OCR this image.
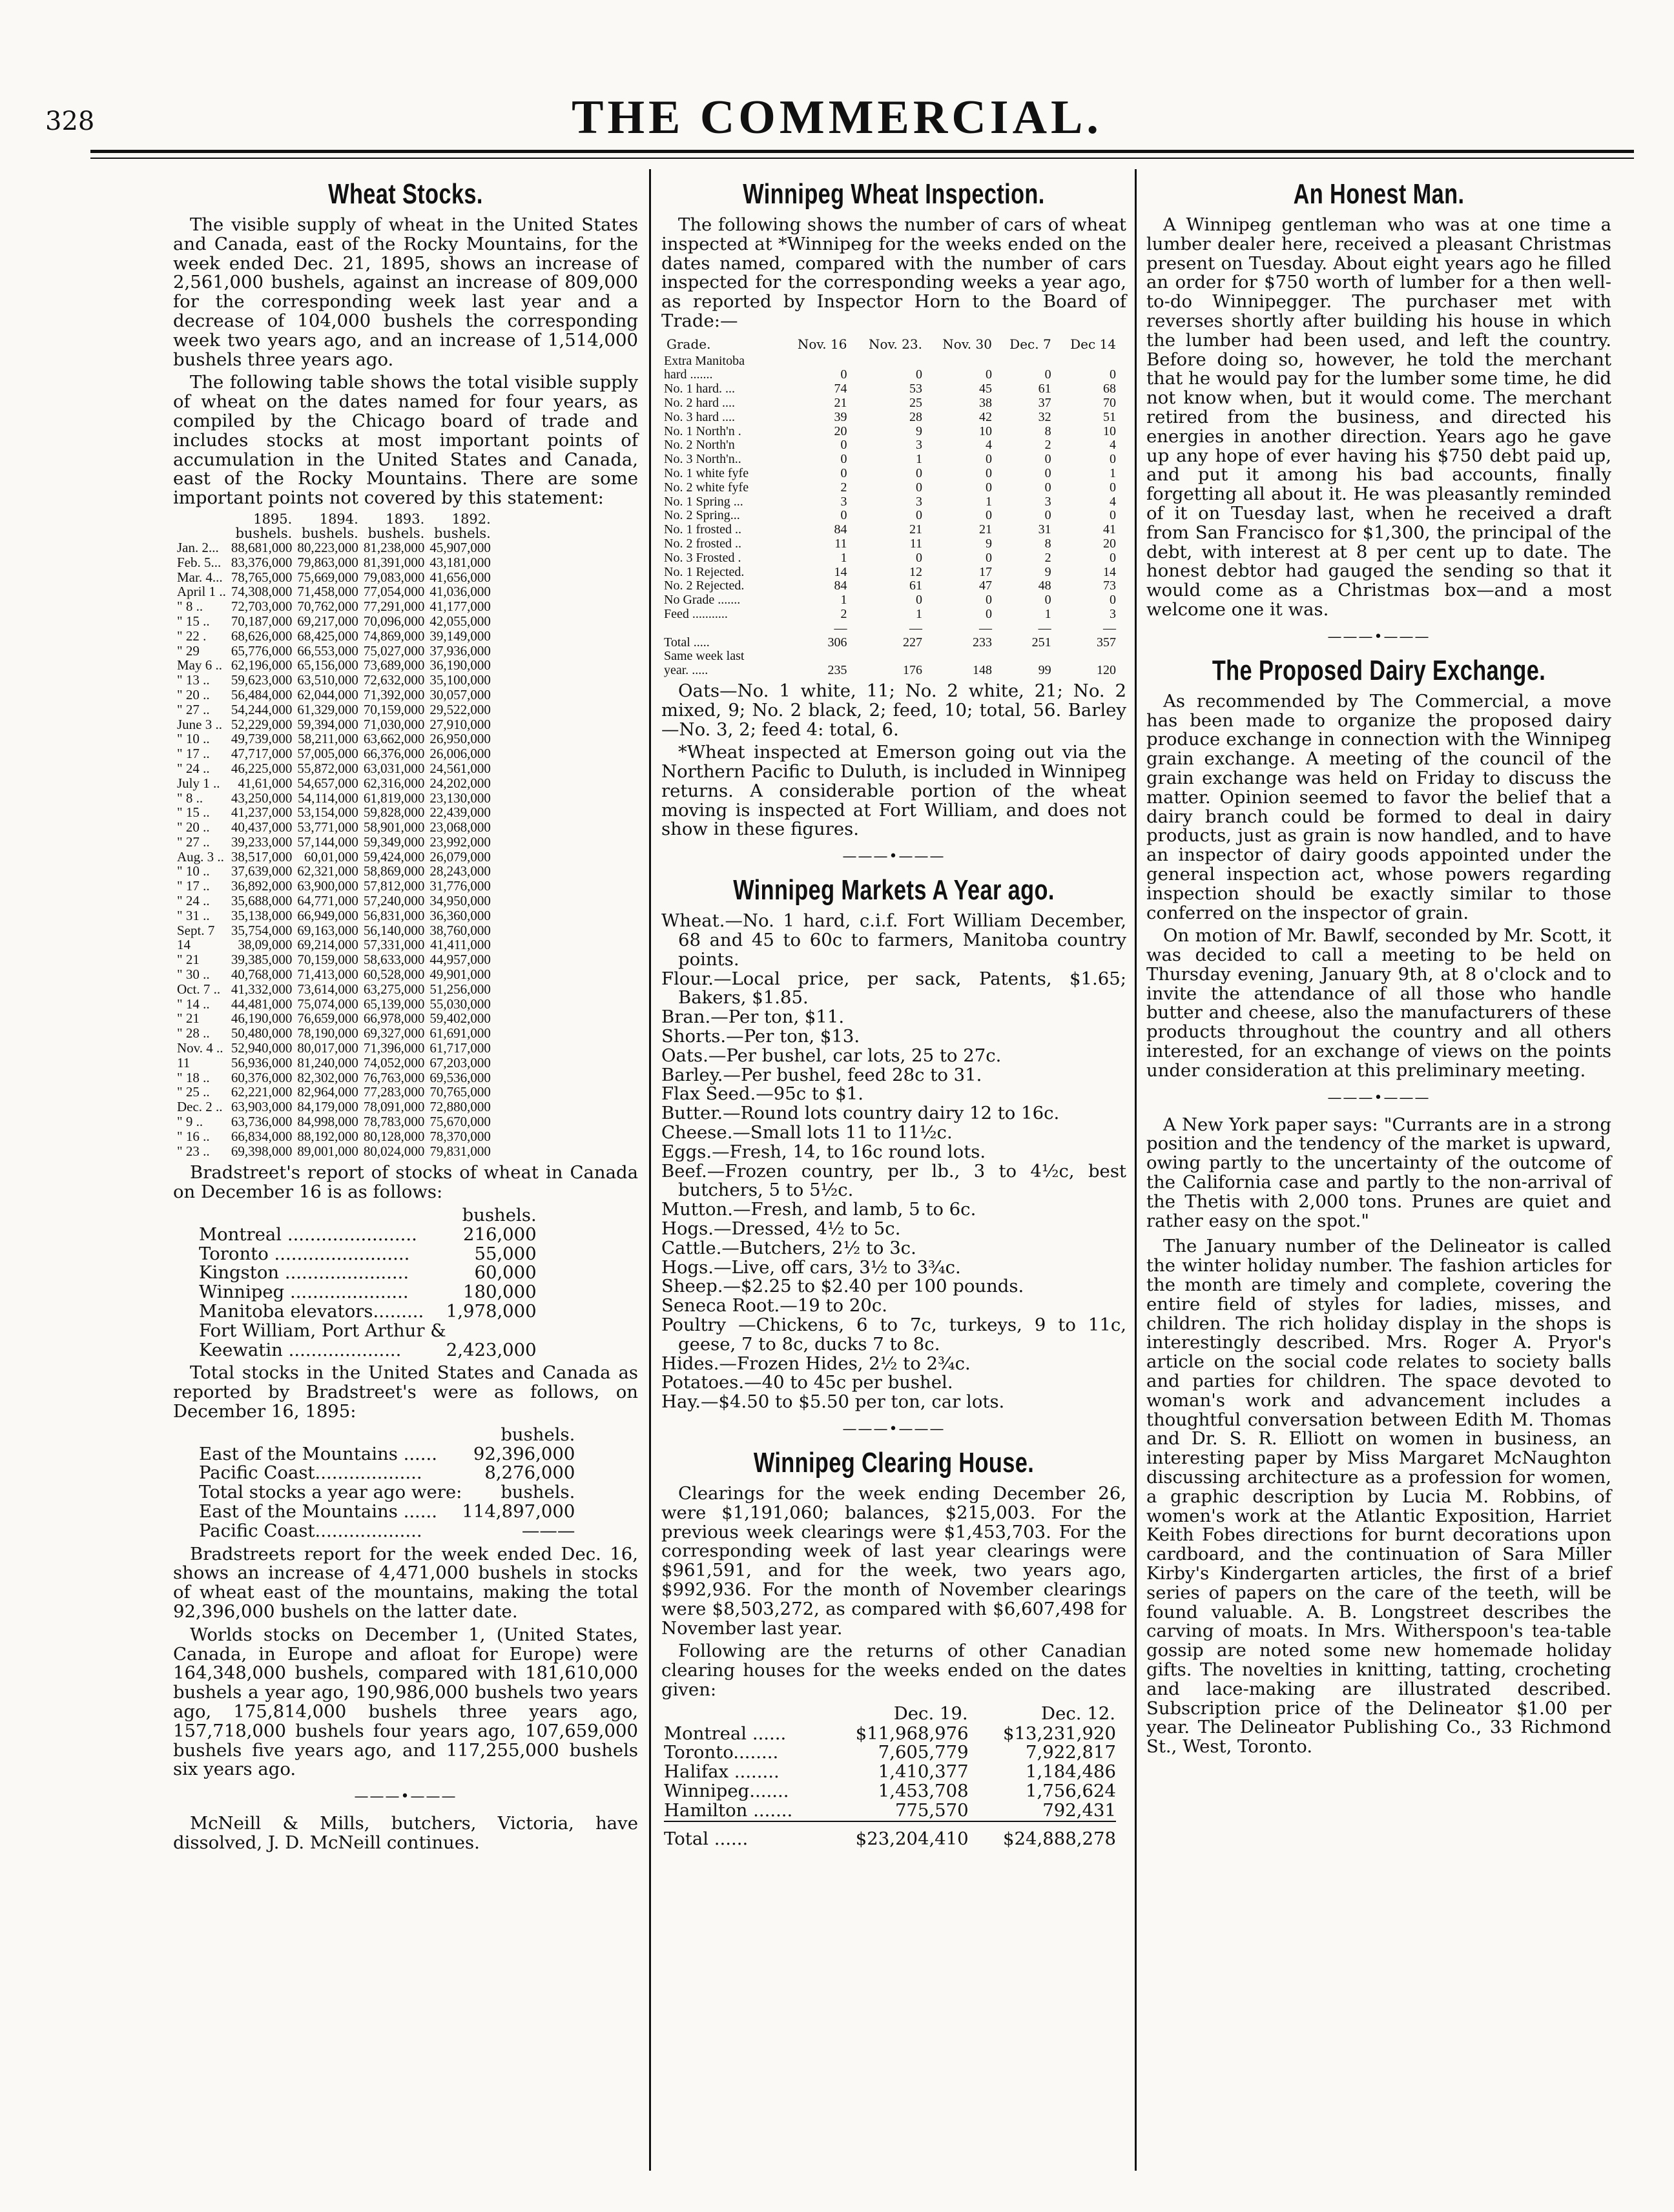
328	THE COMMERCIAL.
Wheat Stocks.

The visible supply of wheat in the United States and Canada, east of the Rocky Mountains, for the week ended Dec. 21, 1895, shows an increase of 2,561,000 bushels, against an increase of 809,000 for the corresponding week last year and a decrease of 104,000 bushels the corresponding week two years ago, and an increase of 1,514,000 bushels three years ago.

The following table shows the total visible supply of wheat on the dates named for four years, as compiled by the Chicago board of trade and includes stocks at most important points of accumulation in the United States and Canada, east of the Rocky Mountains. There are some important points not covered by this statement:

	1895.	1894.	1893.	1892.
	bushels.	bushels.	bushels.	bushels.
Jan. 2...	88,681,000	80,223,000	81,238,000	45,907,000
Feb. 5...	83,376,000	79,863,000	81,391,000	43,181,000
Mar. 4...	78,765,000	75,669,000	79,083,000	41,656,000
April 1 ..	74,308,000	71,458,000	77,054,000	41,036,000
" 8 ..	72,703,000	70,762,000	77,291,000	41,177,000
" 15 ..	70,187,000	69,217,000	70,096,000	42,055,000
" 22 .	68,626,000	68,425,000	74,869,000	39,149,000
" 29	65,776,000	66,553,000	75,027,000	37,936,000
May 6 ..	62,196,000	65,156,000	73,689,000	36,190,000
" 13 ..	59,623,000	63,510,000	72,632,000	35,100,000
" 20 ..	56,484,000	62,044,000	71,392,000	30,057,000
" 27 ..	54,244,000	61,329,000	70,159,000	29,522,000
June 3 ..	52,229,000	59,394,000	71,030,000	27,910,000
" 10 ..	49,739,000	58,211,000	63,662,000	26,950,000
" 17 ..	47,717,000	57,005,000	66,376,000	26,006,000
" 24 ..	46,225,000	55,872,000	63,031,000	24,561,000
July 1 ..	41,61,000	54,657,000	62,316,000	24,202,000
" 8 ..	43,250,000	54,114,000	61,819,000	23,130,000
" 15 ..	41,237,000	53,154,000	59,828,000	22,439,000
" 20 ..	40,437,000	53,771,000	58,901,000	23,068,000
" 27 ..	39,233,000	57,144,000	59,349,000	23,992,000
Aug. 3 ..	38,517,000	60,01,000	59,424,000	26,079,000
" 10 ..	37,639,000	62,321,000	58,869,000	28,243,000
" 17 ..	36,892,000	63,900,000	57,812,000	31,776,000
" 24 ..	35,688,000	64,771,000	57,240,000	34,950,000
" 31 ..	35,138,000	66,949,000	56,831,000	36,360,000
Sept. 7	35,754,000	69,163,000	56,140,000	38,760,000
14	38,09,000	69,214,000	57,331,000	41,411,000
" 21	39,385,000	70,159,000	58,633,000	44,957,000
" 30 ..	40,768,000	71,413,000	60,528,000	49,901,000
Oct. 7 ..	41,332,000	73,614,000	63,275,000	51,256,000
" 14 ..	44,481,000	75,074,000	65,139,000	55,030,000
" 21	46,190,000	76,659,000	66,978,000	59,402,000
" 28 ..	50,480,000	78,190,000	69,327,000	61,691,000
Nov. 4 ..	52,940,000	80,017,000	71,396,000	61,717,000
11	56,936,000	81,240,000	74,052,000	67,203,000
" 18 ..	60,376,000	82,302,000	76,763,000	69,536,000
" 25 ..	62,221,000	82,964,000	77,283,000	70,765,000
Dec. 2 ..	63,903,000	84,179,000	78,091,000	72,880,000
" 9 ..	63,736,000	84,998,000	78,783,000	75,670,000
" 16 ..	66,834,000	88,192,000	80,128,000	78,370,000
" 23 ..	69,398,000	89,001,000	80,024,000	79,831,000

Bradstreet's report of stocks of wheat in Canada on December 16 is as follows:

	bushels.
Montreal .......................	216,000
Toronto ........................	55,000
Kingston ......................	60,000
Winnipeg .....................	180,000
Manitoba elevators.........	1,978,000
Fort William, Port Arthur &	
Keewatin ....................	2,423,000

Total stocks in the United States and Canada as reported by Bradstreet's were as follows, on December 16, 1895:

	bushels.
East of the Mountains ......	92,396,000
Pacific Coast...................	8,276,000
Total stocks a year ago were:	bushels.
East of the Mountains ......	114,897,000
Pacific Coast...................	———

Bradstreets report for the week ended Dec. 16, shows an increase of 4,471,000 bushels in stocks of wheat east of the mountains, making the total 92,396,000 bushels on the latter date.

Worlds stocks on December 1, (United States, Canada, in Europe and afloat for Europe) were 164,348,000 bushels, compared with 181,610,000 bushels a year ago, 190,986,000 bushels two years ago, 175,814,000 bushels three years ago, 157,718,000 bushels four years ago, 107,659,000 bushels five years ago, and 117,255,000 bushels six years ago.

———•———

McNeill & Mills, butchers, Victoria, have dissolved, J. D. McNeill continues.

Winnipeg Wheat Inspection.

The following shows the number of cars of wheat inspected at *Winnipeg for the weeks ended on the dates named, compared with the number of cars inspected for the corresponding weeks a year ago, as reported by Inspector Horn to the Board of Trade:—

Grade.	Nov. 16	Nov. 23.	Nov. 30	Dec. 7	Dec 14
Extra Manitoba					
hard .......	0	0	0	0	0
No. 1 hard. ...	74	53	45	61	68
No. 2 hard ....	21	25	38	37	70
No. 3 hard ....	39	28	42	32	51
No. 1 North'n .	20	9	10	8	10
No. 2 North'n	0	3	4	2	4
No. 3 North'n..	0	1	0	0	0
No. 1 white fyfe	0	0	0	0	1
No. 2 white fyfe	2	0	0	0	0
No. 1 Spring ...	3	3	1	3	4
No. 2 Spring...	0	0	0	0	0
No. 1 frosted ..	84	21	21	31	41
No. 2 frosted ..	11	11	9	8	20
No. 3 Frosted .	1	0	0	2	0
No. 1 Rejected.	14	12	17	9	14
No. 2 Rejected.	84	61	47	48	73
No Grade .......	1	0	0	0	0
Feed ...........	2	1	0	1	3
	—	—	—	—	—
Total .....	306	227	233	251	357
Same week last					
year. .....	235	176	148	99	120

Oats—No. 1 white, 11; No. 2 white, 21; No. 2 mixed, 9; No. 2 black, 2; feed, 10; total, 56. Barley—No. 3, 2; feed 4: total, 6.

*Wheat inspected at Emerson going out via the Northern Pacific to Duluth, is included in Winnipeg returns. A considerable portion of the wheat moving is inspected at Fort William, and does not show in these figures.

———•———
Winnipeg Markets A Year ago.
Wheat.—No. 1 hard, c.i.f. Fort William December, 68 and 45 to 60c to farmers, Manitoba country points.
Flour.—Local price, per sack, Patents, $1.65; Bakers, $1.85.
Bran.—Per ton, $11.
Shorts.—Per ton, $13.
Oats.—Per bushel, car lots, 25 to 27c.
Barley.—Per bushel, feed 28c to 31.
Flax Seed.—95c to $1.
Butter.—Round lots country dairy 12 to 16c.
Cheese.—Small lots 11 to 11½c.
Eggs.—Fresh, 14, to 16c round lots.
Beef.—Frozen country, per lb., 3 to 4½c, best butchers, 5 to 5½c.
Mutton.—Fresh, and lamb, 5 to 6c.
Hogs.—Dressed, 4½ to 5c.
Cattle.—Butchers, 2½ to 3c.
Hogs.—Live, off cars, 3½ to 3¾c.
Sheep.—$2.25 to $2.40 per 100 pounds.
Seneca Root.—19 to 20c.
Poultry —Chickens, 6 to 7c, turkeys, 9 to 11c, geese, 7 to 8c, ducks 7 to 8c.
Hides.—Frozen Hides, 2½ to 2¾c.
Potatoes.—40 to 45c per bushel.
Hay.—$4.50 to $5.50 per ton, car lots.
———•———
Winnipeg Clearing House.

Clearings for the week ending December 26, were $1,191,060; balances, $215,003. For the previous week clearings were $1,453,703. For the corresponding week of last year clearings were $961,591, and for the week, two years ago, $992,936. For the month of November clearings were $8,503,272, as compared with $6,607,498 for November last year.

Following are the returns of other Canadian clearing houses for the weeks ended on the dates given:

	Dec. 19.	Dec. 12.
Montreal ......	$11,968,976	$13,231,920
Toronto........	7,605,779	7,922,817
Halifax ........	1,410,377	1,184,486
Winnipeg.......	1,453,708	1,756,624
Hamilton .......	775,570	792,431
Total ......	$23,204,410	$24,888,278
An Honest Man.

A Winnipeg gentleman who was at one time a lumber dealer here, received a pleasant Christmas present on Tuesday. About eight years ago he filled an order for $750 worth of lumber for a then well-to-do Winnipegger. The purchaser met with reverses shortly after building his house in which the lumber had been used, and left the country. Before doing so, however, he told the merchant that he would pay for the lumber some time, he did not know when, but it would come. The merchant retired from the business, and directed his energies in another direction. Years ago he gave up any hope of ever having his $750 debt paid up, and put it among his bad accounts, finally forgetting all about it. He was pleasantly reminded of it on Tuesday last, when he received a draft from San Francisco for $1,300, the principal of the debt, with interest at 8 per cent up to date. The honest debtor had gauged the sending so that it would come as a Christmas box—and a most welcome one it was.

———•———
The Proposed Dairy Exchange.

As recommended by The Commercial, a move has been made to organize the proposed dairy produce exchange in connection with the Winnipeg grain exchange. A meeting of the council of the grain exchange was held on Friday to discuss the matter. Opinion seemed to favor the belief that a dairy branch could be formed to deal in dairy products, just as grain is now handled, and to have an inspector of dairy goods appointed under the general inspection act, whose powers regarding inspection should be exactly similar to those conferred on the inspector of grain.

On motion of Mr. Bawlf, seconded by Mr. Scott, it was decided to call a meeting to be held on Thursday evening, January 9th, at 8 o'clock and to invite the attendance of all those who handle butter and cheese, also the manufacturers of these products throughout the country and all others interested, for an exchange of views on the points under consideration at this preliminary meeting.

———•———

A New York paper says: "Currants are in a strong position and the tendency of the market is upward, owing partly to the uncertainty of the outcome of the California case and partly to the non-arrival of the Thetis with 2,000 tons. Prunes are quiet and rather easy on the spot."

The January number of the Delineator is called the winter holiday number. The fashion articles for the month are timely and complete, covering the entire field of styles for ladies, misses, and children. The rich holiday display in the shops is interestingly described. Mrs. Roger A. Pryor's article on the social code relates to society balls and parties for children. The space devoted to woman's work and advancement includes a thoughtful conversation between Edith M. Thomas and Dr. S. R. Elliott on women in business, an interesting paper by Miss Margaret McNaughton discussing architecture as a profession for women, a graphic description by Lucia M. Robbins, of women's work at the Atlantic Exposition, Harriet Keith Fobes directions for burnt decorations upon cardboard, and the continuation of Sara Miller Kirby's Kindergarten articles, the first of a brief series of papers on the care of the teeth, will be found valuable. A. B. Longstreet describes the carving of moats. In Mrs. Witherspoon's tea-table gossip are noted some new homemade holiday gifts. The novelties in knitting, tatting, crocheting and lace-making are illustrated described. Subscription price of the Delineator $1.00 per year. The Delineator Publishing Co., 33 Richmond St., West, Toronto.
